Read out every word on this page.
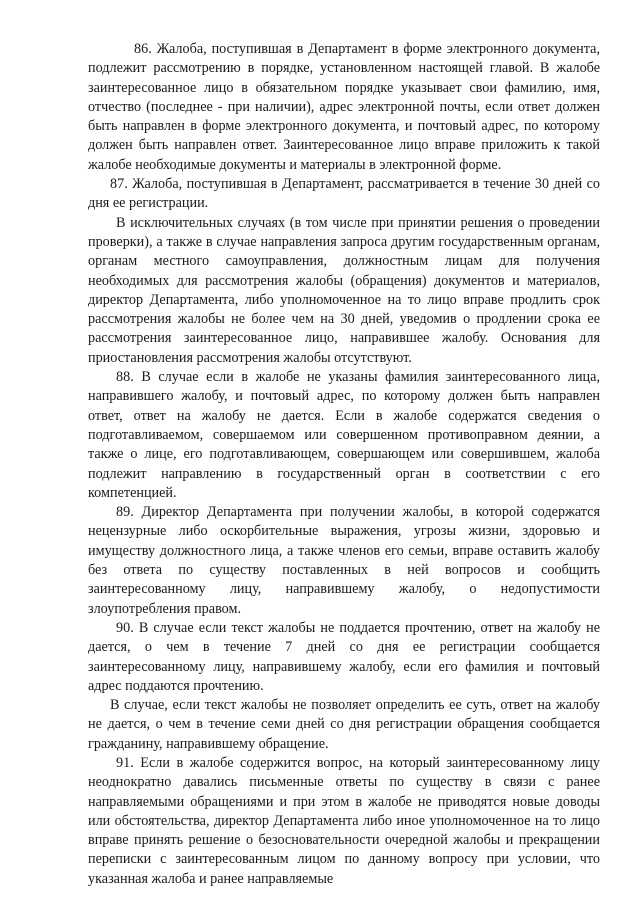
86. Жалоба, поступившая в Департамент в форме электронного документа, подлежит рассмотрению в порядке, установленном настоящей главой. В жалобе заинтересованное лицо в обязательном порядке указывает свои фамилию, имя, отчество (последнее - при наличии), адрес электронной почты, если ответ должен быть направлен в форме электронного документа, и почтовый адрес, по которому должен быть направлен ответ. Заинтересованное лицо вправе приложить к такой жалобе необходимые документы и материалы в электронной форме.

87. Жалоба, поступившая в Департамент, рассматривается в течение 30 дней со дня ее регистрации.

В исключительных случаях (в том числе при принятии решения о проведении проверки), а также в случае направления запроса другим государственным органам, органам местного самоуправления, должностным лицам для получения необходимых для рассмотрения жалобы (обращения) документов и материалов, директор Департамента, либо уполномоченное на то лицо вправе продлить срок рассмотрения жалобы не более чем на 30 дней, уведомив о продлении срока ее рассмотрения заинтересованное лицо, направившее жалобу. Основания для приостановления рассмотрения жалобы отсутствуют.

88. В случае если в жалобе не указаны фамилия заинтересованного лица, направившего жалобу, и почтовый адрес, по которому должен быть направлен ответ, ответ на жалобу не дается. Если в жалобе содержатся сведения о подготавливаемом, совершаемом или совершенном противоправном деянии, а также о лице, его подготавливающем, совершающем или совершившем, жалоба подлежит направлению в государственный орган в соответствии с его компетенцией.

89. Директор Департамента при получении жалобы, в которой содержатся нецензурные либо оскорбительные выражения, угрозы жизни, здоровью и имуществу должностного лица, а также членов его семьи, вправе оставить жалобу без ответа по существу поставленных в ней вопросов и сообщить заинтересованному лицу, направившему жалобу, о недопустимости злоупотребления правом.

90. В случае если текст жалобы не поддается прочтению, ответ на жалобу не дается, о чем в течение 7 дней со дня ее регистрации сообщается заинтересованному лицу, направившему жалобу, если его фамилия и почтовый адрес поддаются прочтению.

В случае, если текст жалобы не позволяет определить ее суть, ответ на жалобу не дается, о чем в течение семи дней со дня регистрации обращения сообщается гражданину, направившему обращение.

91. Если в жалобе содержится вопрос, на который заинтересованному лицу неоднократно давались письменные ответы по существу в связи с ранее направляемыми обращениями и при этом в жалобе не приводятся новые доводы или обстоятельства, директор Департамента либо иное уполномоченное на то лицо вправе принять решение о безосновательности очередной жалобы и прекращении переписки с заинтересованным лицом по данному вопросу при условии, что указанная жалоба и ранее направляемые
